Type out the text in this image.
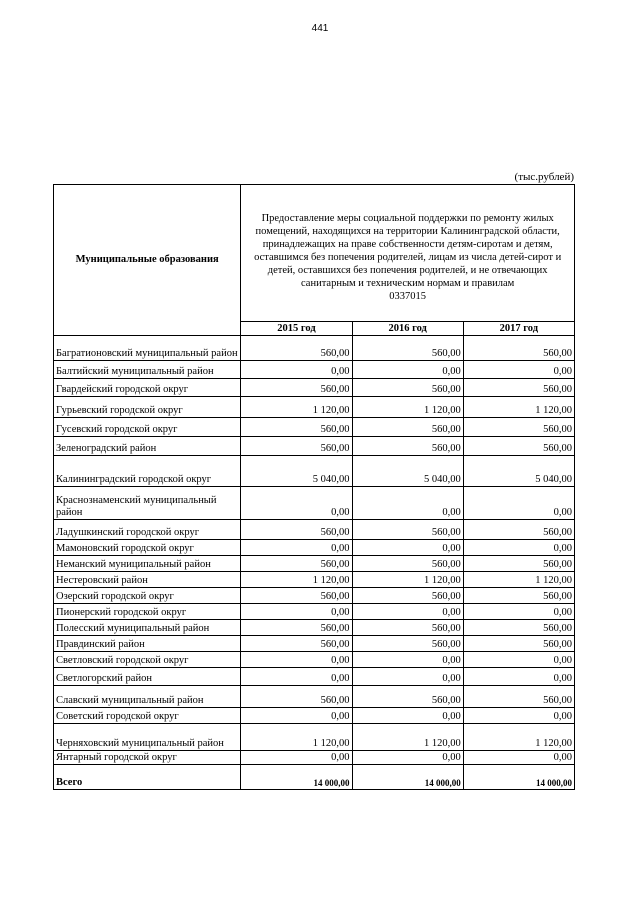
441
(тыс.рублей)
Муниципальные образования	Предоставление меры социальной поддержки по ремонту жилых помещений, находящихся на территории Калининградской области, принадлежащих на праве собственности детям-сиротам и детям, оставшимся без попечения родителей, лицам из числа детей-сирот и детей, оставшихся без попечения родителей, и не отвечающих санитарным и техническим нормам и правилам
0337015		

	2015 год	2016 год	2017 год
Багратионовский муниципальный район	560,00	560,00	560,00
Балтийский муниципальный район	0,00	0,00	0,00
Гвардейский городской округ	560,00	560,00	560,00
Гурьевский городской округ	1 120,00	1 120,00	1 120,00
Гусевский городской округ	560,00	560,00	560,00
Зеленоградский район	560,00	560,00	560,00
Калининградский городской округ	5 040,00	5 040,00	5 040,00
Краснознаменский муниципальный район	0,00	0,00	0,00
Ладушкинский городской округ	560,00	560,00	560,00
Мамоновский городской округ	0,00	0,00	0,00
Неманский муниципальный район	560,00	560,00	560,00
Нестеровский район	1 120,00	1 120,00	1 120,00
Озерский городской округ	560,00	560,00	560,00
Пионерский городской округ	0,00	0,00	0,00
Полесский муниципальный район	560,00	560,00	560,00
Правдинский район	560,00	560,00	560,00
Светловский городской округ	0,00	0,00	0,00
Светлогорский район	0,00	0,00	0,00
Славский муниципальный район	560,00	560,00	560,00
Советский городской округ	0,00	0,00	0,00
Черняховский муниципальный район	1 120,00	1 120,00	1 120,00
Янтарный городской округ	0,00	0,00	0,00
Всего	14 000,00	14 000,00	14 000,00
